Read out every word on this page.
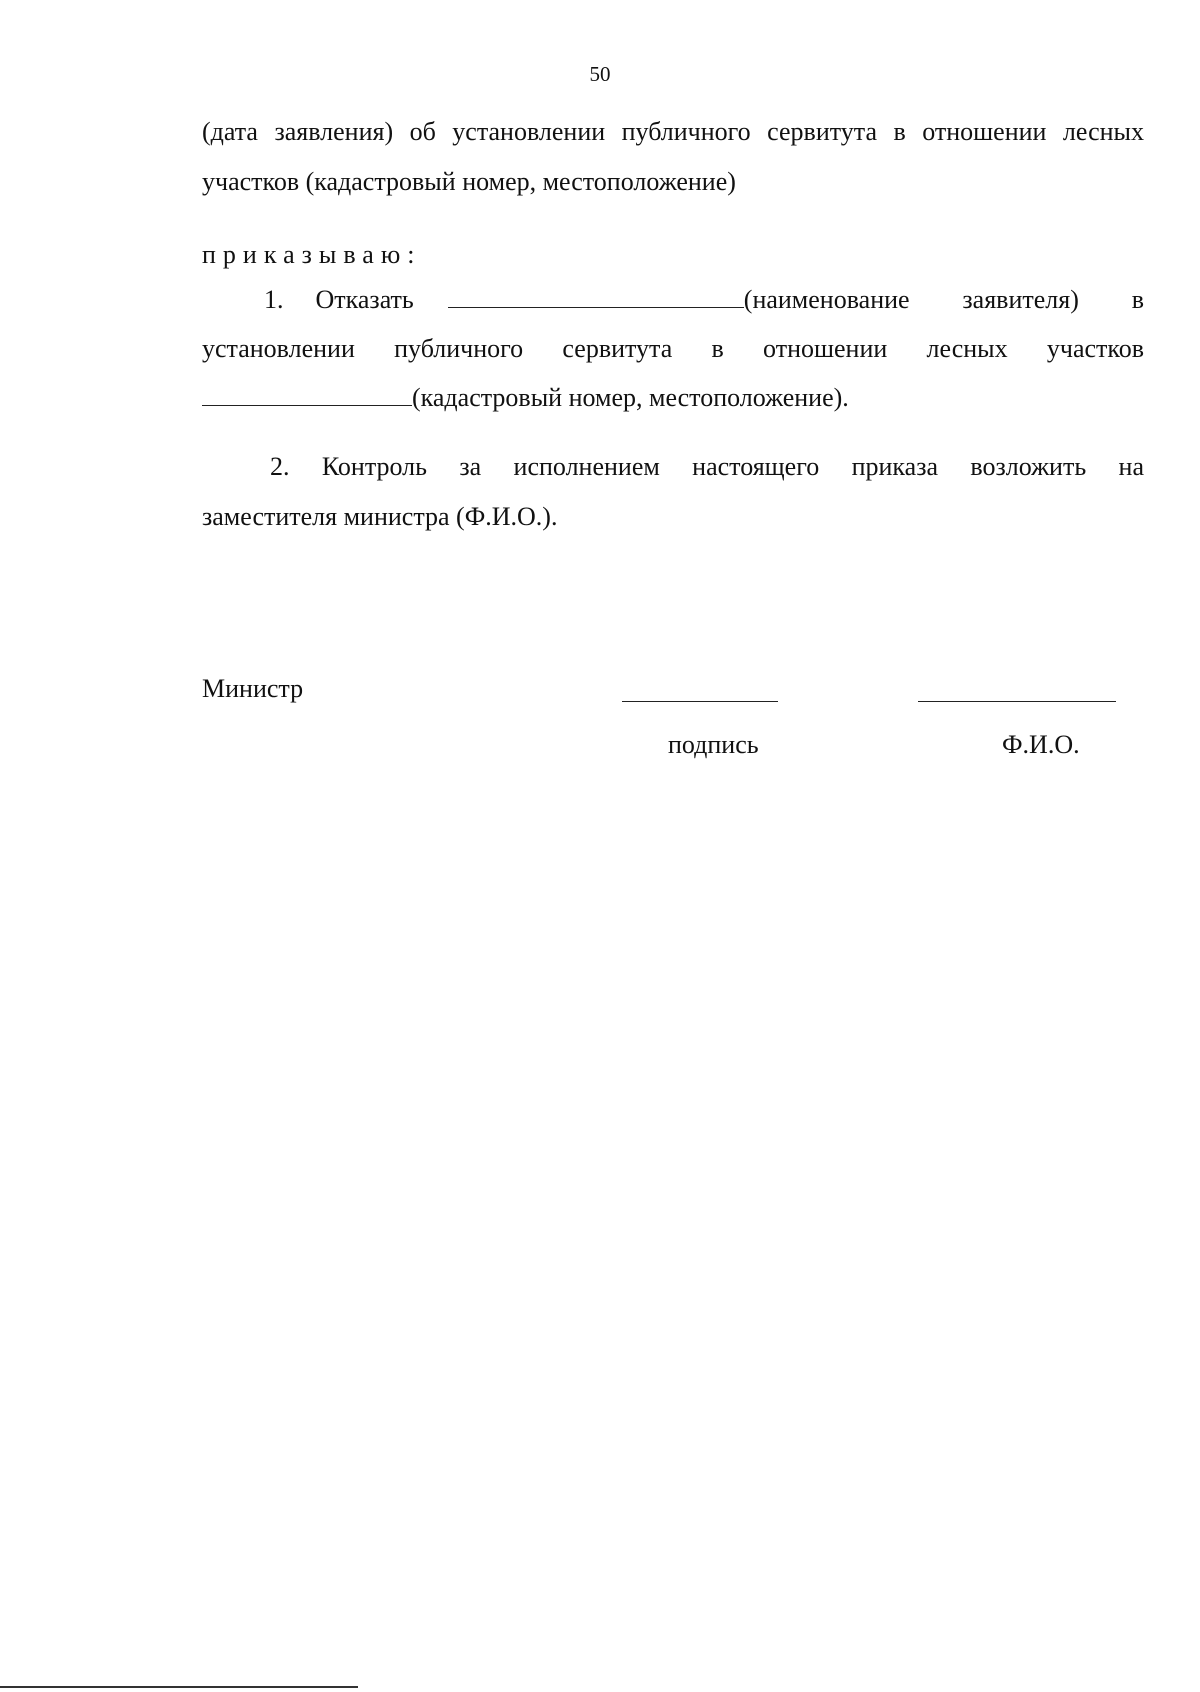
50
(дата заявления) об установлении публичного сервитута в отношении лесных
участков (кадастровый номер, местоположение)
приказываю:
1. Отказать	(наименование заявителя) в
установлении публичного сервитута в отношении лесных участков
(кадастровый номер, местоположение).
2. Контроль за исполнением настоящего приказа возложить на
заместителя министра (Ф.И.О.).
Министр
подпись	Ф.И.О.
